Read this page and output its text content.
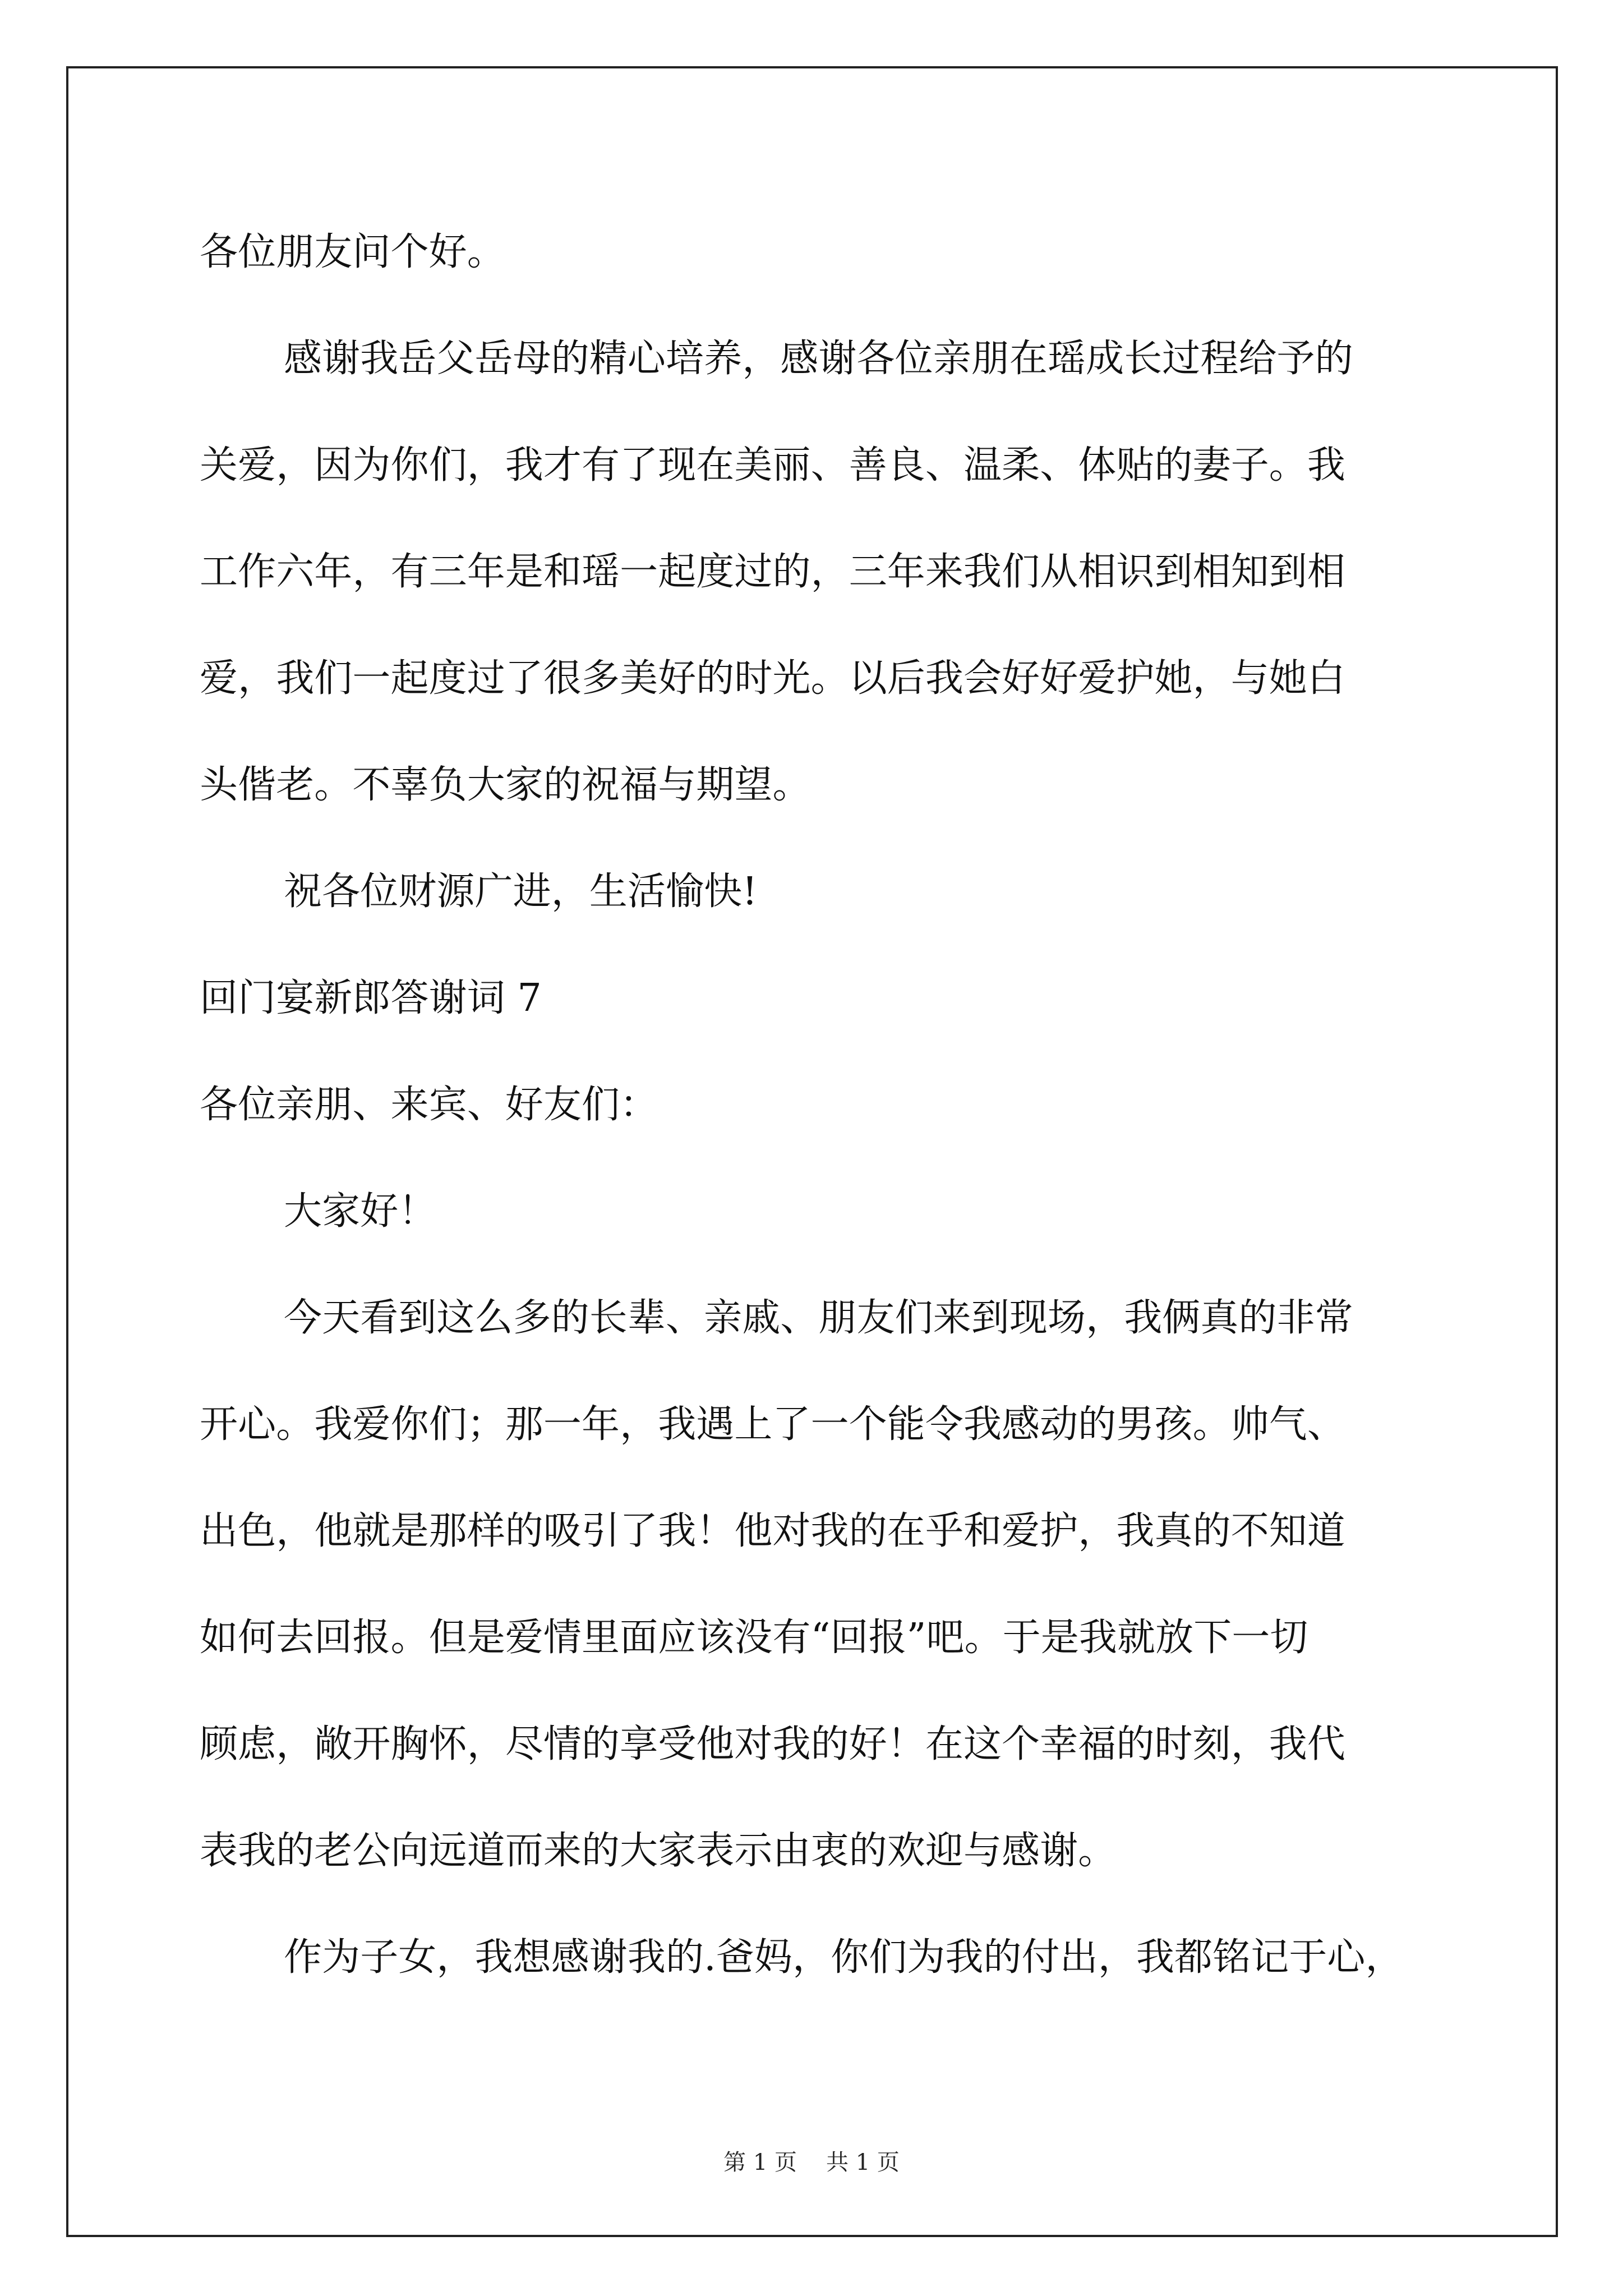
各位朋友问个好。
感谢我岳父岳母的精心培养，感谢各位亲朋在瑶成长过程给予的
关爱，因为你们，我才有了现在美丽、善良、温柔、体贴的妻子。我
工作六年，有三年是和瑶一起度过的，三年来我们从相识到相知到相
爱，我们一起度过了很多美好的时光。以后我会好好爱护她，与她白
头偕老。不辜负大家的祝福与期望。
祝各位财源广进，生活愉快!
回门宴新郎答谢词 7
各位亲朋、来宾、好友们：
大家好！
今天看到这么多的长辈、亲戚、朋友们来到现场，我俩真的非常
开心。我爱你们；那一年，我遇上了一个能令我感动的男孩。帅气、
出色，他就是那样的吸引了我！他对我的在乎和爱护，我真的不知道
如何去回报。但是爱情里面应该没有“回报”吧。于是我就放下一切
顾虑，敞开胸怀，尽情的享受他对我的好！在这个幸福的时刻，我代
表我的老公向远道而来的大家表示由衷的欢迎与感谢。
作为子女，我想感谢我的.爸妈，你们为我的付出，我都铭记于心，
第 1 页 共 1 页
